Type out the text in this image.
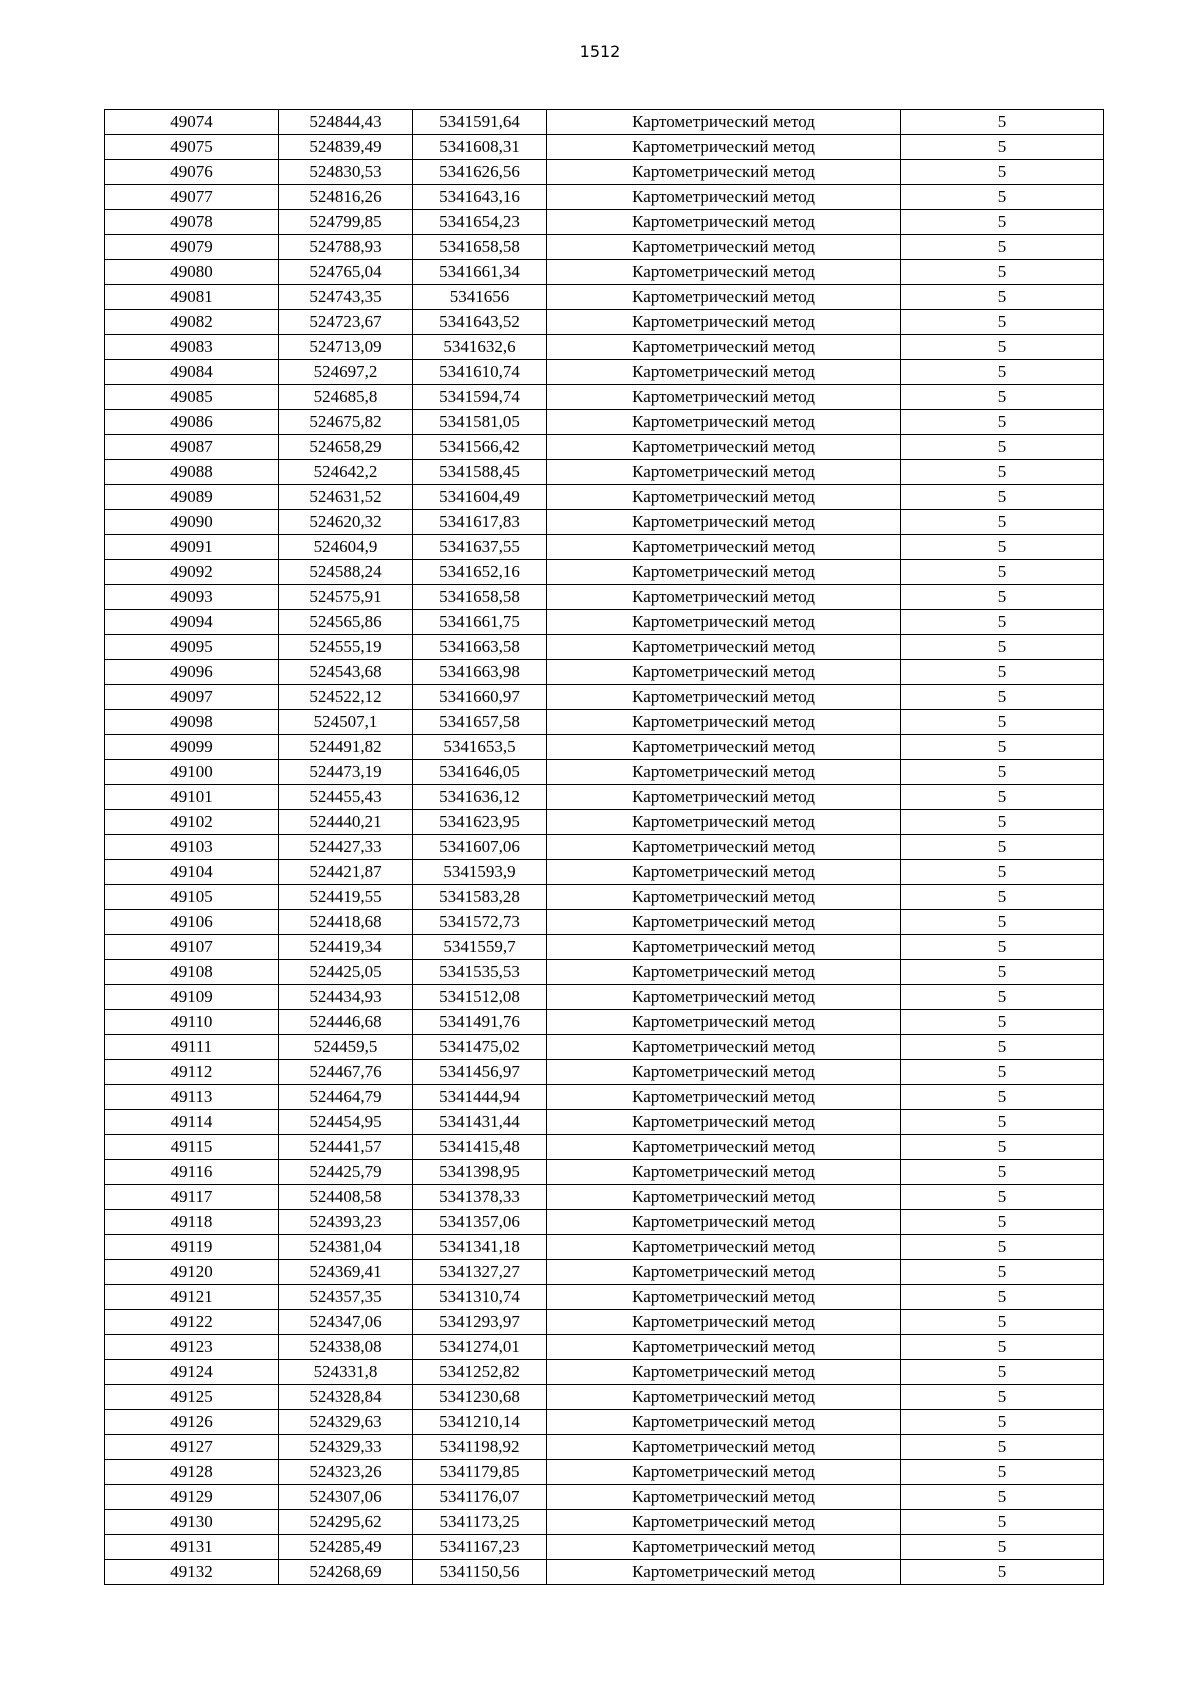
1512
49074	524844,43	5341591,64	Картометрический метод	5
49075	524839,49	5341608,31	Картометрический метод	5
49076	524830,53	5341626,56	Картометрический метод	5
49077	524816,26	5341643,16	Картометрический метод	5
49078	524799,85	5341654,23	Картометрический метод	5
49079	524788,93	5341658,58	Картометрический метод	5
49080	524765,04	5341661,34	Картометрический метод	5
49081	524743,35	5341656	Картометрический метод	5
49082	524723,67	5341643,52	Картометрический метод	5
49083	524713,09	5341632,6	Картометрический метод	5
49084	524697,2	5341610,74	Картометрический метод	5
49085	524685,8	5341594,74	Картометрический метод	5
49086	524675,82	5341581,05	Картометрический метод	5
49087	524658,29	5341566,42	Картометрический метод	5
49088	524642,2	5341588,45	Картометрический метод	5
49089	524631,52	5341604,49	Картометрический метод	5
49090	524620,32	5341617,83	Картометрический метод	5
49091	524604,9	5341637,55	Картометрический метод	5
49092	524588,24	5341652,16	Картометрический метод	5
49093	524575,91	5341658,58	Картометрический метод	5
49094	524565,86	5341661,75	Картометрический метод	5
49095	524555,19	5341663,58	Картометрический метод	5
49096	524543,68	5341663,98	Картометрический метод	5
49097	524522,12	5341660,97	Картометрический метод	5
49098	524507,1	5341657,58	Картометрический метод	5
49099	524491,82	5341653,5	Картометрический метод	5
49100	524473,19	5341646,05	Картометрический метод	5
49101	524455,43	5341636,12	Картометрический метод	5
49102	524440,21	5341623,95	Картометрический метод	5
49103	524427,33	5341607,06	Картометрический метод	5
49104	524421,87	5341593,9	Картометрический метод	5
49105	524419,55	5341583,28	Картометрический метод	5
49106	524418,68	5341572,73	Картометрический метод	5
49107	524419,34	5341559,7	Картометрический метод	5
49108	524425,05	5341535,53	Картометрический метод	5
49109	524434,93	5341512,08	Картометрический метод	5
49110	524446,68	5341491,76	Картометрический метод	5
49111	524459,5	5341475,02	Картометрический метод	5
49112	524467,76	5341456,97	Картометрический метод	5
49113	524464,79	5341444,94	Картометрический метод	5
49114	524454,95	5341431,44	Картометрический метод	5
49115	524441,57	5341415,48	Картометрический метод	5
49116	524425,79	5341398,95	Картометрический метод	5
49117	524408,58	5341378,33	Картометрический метод	5
49118	524393,23	5341357,06	Картометрический метод	5
49119	524381,04	5341341,18	Картометрический метод	5
49120	524369,41	5341327,27	Картометрический метод	5
49121	524357,35	5341310,74	Картометрический метод	5
49122	524347,06	5341293,97	Картометрический метод	5
49123	524338,08	5341274,01	Картометрический метод	5
49124	524331,8	5341252,82	Картометрический метод	5
49125	524328,84	5341230,68	Картометрический метод	5
49126	524329,63	5341210,14	Картометрический метод	5
49127	524329,33	5341198,92	Картометрический метод	5
49128	524323,26	5341179,85	Картометрический метод	5
49129	524307,06	5341176,07	Картометрический метод	5
49130	524295,62	5341173,25	Картометрический метод	5
49131	524285,49	5341167,23	Картометрический метод	5
49132	524268,69	5341150,56	Картометрический метод	5
